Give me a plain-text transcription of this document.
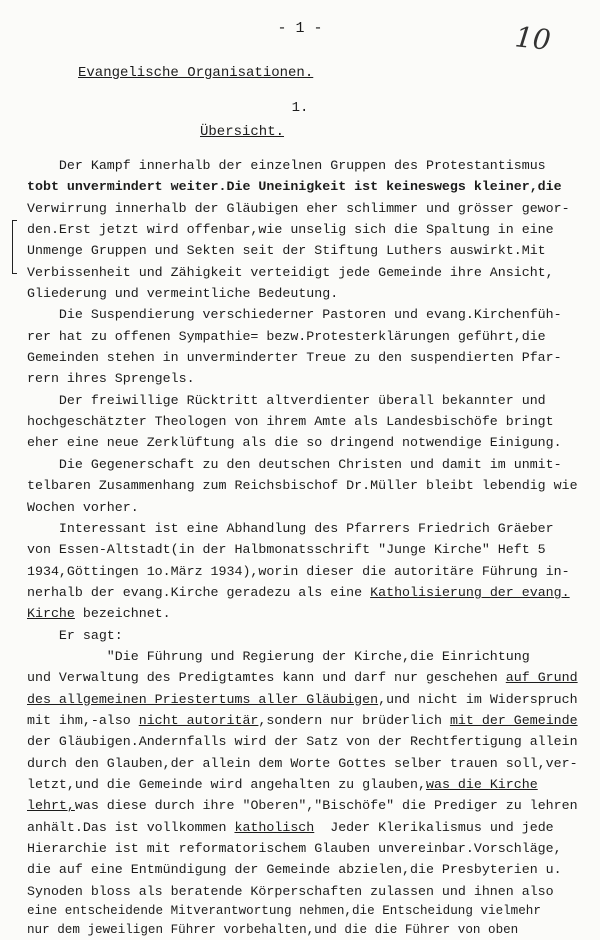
- 1 -	10
Evangelische Organisationen.
1.
Übersicht.
Der Kampf innerhalb der einzelnen Gruppen des Protestantismus
tobt unvermindert weiter.Die Uneinigkeit ist keineswegs kleiner,die
Verwirrung innerhalb der Gläubigen eher schlimmer und grösser gewor-
den.Erst jetzt wird offenbar,wie unselig sich die Spaltung in eine
Unmenge Gruppen und Sekten seit der Stiftung Luthers auswirkt.Mit
Verbissenheit und Zähigkeit verteidigt jede Gemeinde ihre Ansicht,
Gliederung und vermeintliche Bedeutung.
Die Suspendierung verschiederner Pastoren und evang.Kirchenfüh-
rer hat zu offenen Sympathie= bezw.Protesterklärungen geführt,die
Gemeinden stehen in unverminderter Treue zu den suspendierten Pfar-
rern ihres Sprengels.
Der freiwillige Rücktritt altverdienter überall bekannter und
hochgeschätzter Theologen von ihrem Amte als Landesbischöfe bringt
eher eine neue Zerklüftung als die so dringend notwendige Einigung.
Die Gegenerschaft zu den deutschen Christen und damit im unmit-
telbaren Zusammenhang zum Reichsbischof Dr.Müller bleibt lebendig wie
Wochen vorher.
Interessant ist eine Abhandlung des Pfarrers Friedrich Gräeber
von Essen-Altstadt(in der Halbmonatsschrift "Junge Kirche" Heft 5
1934,Göttingen 1o.März 1934),worin dieser die autoritäre Führung in-
nerhalb der evang.Kirche geradezu als eine Katholisierung der evang.
Kirche bezeichnet.
Er sagt:
"Die Führung und Regierung der Kirche,die Einrichtung
und Verwaltung des Predigtamtes kann und darf nur geschehen auf Grund
des allgemeinen Priestertums aller Gläubigen,und nicht im Widerspruch
mit ihm,-also nicht autoritär,sondern nur brüderlich mit der Gemeinde
der Gläubigen.Andernfalls wird der Satz von der Rechtfertigung allein
durch den Glauben,der allein dem Worte Gottes selber trauen soll,ver-
letzt,und die Gemeinde wird angehalten zu glauben,was die Kirche
lehrt,was diese durch ihre "Oberen","Bischöfe" die Prediger zu lehren
anhält.Das ist vollkommen katholisch  Jeder Klerikalismus und jede
Hierarchie ist mit reformatorischem Glauben unvereinbar.Vorschläge,
die auf eine Entmündigung der Gemeinde abzielen,die Presbyterien u.
Synoden bloss als beratende Körperschaften zulassen und ihnen also
eine entscheidende Mitverantwortung nehmen,die Entscheidung vielmehr
nur dem jeweiligen Führer vorbehalten,und die die Führer von oben
